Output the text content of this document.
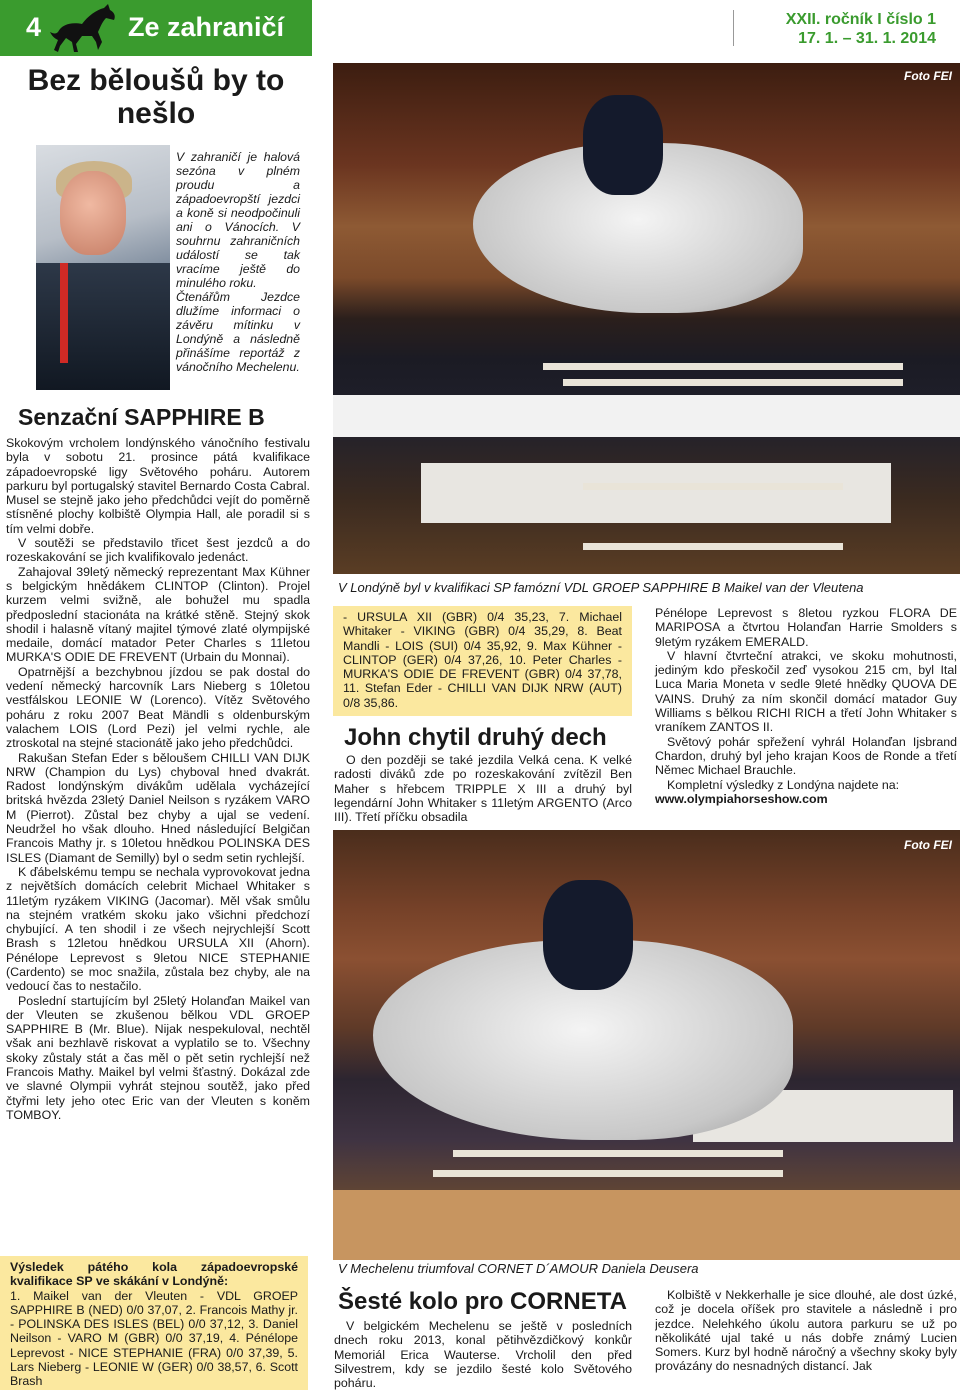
4	Ze zahraničí	XXII. ročník I číslo 1
17. 1. – 31. 1. 2014
Bez běloušů by to nešlo

V zahraničí je halová sezóna v plném proudu a západoevropští jezdci a koně si neodpočinuli ani o Vánocích. V souhrnu zahraničních událostí se tak vracíme ještě do minulého roku.

Čtenářům Jezdce dlužíme informaci o závěru mítinku v Londýně a následně přinášíme reportáž z vánočního Mechelenu.

Senzační SAPPHIRE B

Skokovým vrcholem londýnského vánočního festivalu byla v sobotu 21. prosince pátá kvalifikace západoevropské ligy Světového poháru. Autorem parkuru byl portugalský stavitel Bernardo Costa Cabral. Musel se stejně jako jeho předchůdci vejít do poměrně stísněné plochy kolbiště Olympia Hall, ale poradil si s tím velmi dobře.

V soutěži se představilo třicet šest jezdců a do rozeskakování se jich kvalifikovalo jedenáct.

Zahajoval 39letý německý reprezentant Max Kühner s belgickým hnědákem CLINTOP (Clinton). Projel kurzem velmi svižně, ale bohužel mu spadla předposlední stacionáta na krátké stěně. Stejný skok shodil i halasně vítaný majitel týmové zlaté olympijské medaile, domácí matador Peter Charles s 11letou MURKA'S ODIE DE FREVENT (Urbain du Monnai).

Opatrnější a bezchybnou jízdou se pak dostal do vedení německý harcovník Lars Nieberg s 10letou vestfálskou LEONIE W (Lorenco). Vítěz Světového poháru z roku 2007 Beat Mändli s oldenburským valachem LOIS (Lord Pezi) jel velmi rychle, ale ztroskotal na stejné stacionátě jako jeho předchůdci.

Rakušan Stefan Eder s běloušem CHILLI VAN DIJK NRW (Champion du Lys) chyboval hned dvakrát. Radost londýnským divákům udělala vycházející britská hvězda 23letý Daniel Neilson s ryzákem VARO M (Pierrot). Zůstal bez chyby a ujal se vedení. Neudržel ho však dlouho. Hned následující Belgičan Francois Mathy jr. s 10letou hnědkou POLINSKA DES ISLES (Diamant de Semilly) byl o sedm setin rychlejší.

K ďábelskému tempu se nechala vyprovokovat jedna z největších domácích celebrit Michael Whitaker s 11letým ryzákem VIKING (Jacomar). Měl však smůlu na stejném vratkém skoku jako všichni předchozí chybující. A ten shodil i ze všech nejrychlejší Scott Brash s 12letou hnědkou URSULA XII (Ahorn). Pénélope Leprevost s 9letou NICE STEPHANIE (Cardento) se moc snažila, zůstala bez chyby, ale na vedoucí čas to nestačilo.

Poslední startujícím byl 25letý Holanďan Maikel van der Vleuten se zkušenou bělkou VDL GROEP SAPPHIRE B (Mr. Blue). Nijak nespekuloval, nechtěl však ani bezhlavě riskovat a vyplatilo se to. Všechny skoky zůstaly stát a čas měl o pět setin rychlejší než Francois Mathy. Maikel byl velmi šťastný. Dokázal zde ve slavné Olympii vyhrát stejnou soutěž, jako před čtyřmi lety jeho otec Eric van der Vleuten s koněm TOMBOY.

Výsledek pátého kola západoevropské kvalifikace SP ve skákání v Londýně:
1. Maikel van der Vleuten - VDL GROEP SAPPHIRE B (NED) 0/0 37,07, 2. Francois Mathy jr. - POLINSKA DES ISLES (BEL) 0/0 37,12, 3. Daniel Neilson - VARO M (GBR) 0/0 37,19, 4. Pénélope Leprevost - NICE STEPHANIE (FRA) 0/0 37,39, 5. Lars Nieberg - LEONIE W (GER) 0/0 38,57, 6. Scott Brash
Foto FEI
V Londýně byl v kvalifikaci SP famózní VDL GROEP SAPPHIRE B Maikel van der Vleutena
- URSULA XII (GBR) 0/4 35,23, 7. Michael Whitaker - VIKING (GBR) 0/4 35,29, 8. Beat Mandli - LOIS (SUI) 0/4 35,92, 9. Max Kühner - CLINTOP (GER) 0/4 37,26, 10. Peter Charles - MURKA'S ODIE DE FREVENT (GBR) 0/4 37,78, 11. Stefan Eder - CHILLI VAN DIJK NRW (AUT) 0/8 35,86.
John chytil druhý dech

O den později se také jezdila Velká cena. K velké radosti diváků zde po rozeskakování zvítězil Ben Maher s hřebcem TRIPPLE X III a druhý byl legendární John Whitaker s 11letým ARGENTO (Arco III). Třetí příčku obsadila

Pénélope Leprevost s 8letou ryzkou FLORA DE MARIPOSA a čtvrtou Holanďan Harrie Smolders s 9letým ryzákem EMERALD.

V hlavní čtvrteční atrakci, ve skoku mohutnosti, jediným kdo přeskočil zeď vysokou 215 cm, byl Ital Luca Maria Moneta v sedle 9leté hnědky QUOVA DE VAINS. Druhý za ním skončil domácí matador Guy Williams s bělkou RICHI RICH a třetí John Whitaker s vraníkem ZANTOS II.

Světový pohár spřežení vyhrál Holanďan Ijsbrand Chardon, druhý byl jeho krajan Koos de Ronde a třetí Němec Michael Brauchle.

Kompletní výsledky z Londýna najdete na:

www.olympiahorseshow.com

Foto FEI
V Mechelenu triumfoval CORNET D´AMOUR Daniela Deusera
Šesté kolo pro CORNETA

V belgickém Mechelenu se ještě v posledních dnech roku 2013, konal pětihvězdičkový konkůr Memoriál Erica Wauterse. Vrcholil den před Silvestrem, kdy se jezdilo šesté kolo Světového poháru.

Kolbiště v Nekkerhalle je sice dlouhé, ale dost úzké, což je docela oříšek pro stavitele a následně i pro jezdce. Nelehkého úkolu autora parkuru se už po několikáté ujal také u nás dobře známý Lucien Somers. Kurz byl hodně náročný a všechny skoky byly provázány do nesnadných distancí. Jak
